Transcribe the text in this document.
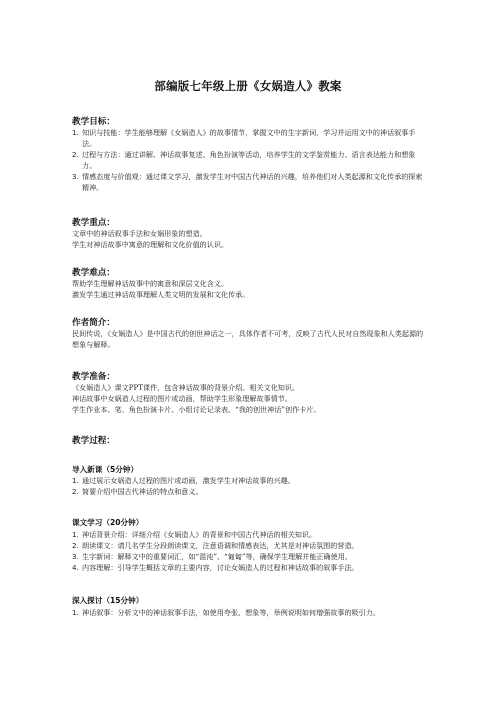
部编版七年级上册《女娲造人》教案
教学目标：
1. 知识与技能：学生能够理解《女娲造人》的故事情节，掌握文中的生字新词，学习并运用文中的神话叙事手法。
2. 过程与方法：通过讲解、神话故事复述、角色扮演等活动，培养学生的文学鉴赏能力、语言表达能力和想象力。
3. 情感态度与价值观：通过课文学习，激发学生对中国古代神话的兴趣，培养他们对人类起源和文化传承的探索精神。
教学重点：
文章中的神话叙事手法和女娲形象的塑造。
学生对神话故事中寓意的理解和文化价值的认识。
教学难点：
帮助学生理解神话故事中的寓意和深层文化含义。
激发学生通过神话故事理解人类文明的发展和文化传承。
作者简介：
民间传说，《女娲造人》是中国古代的创世神话之一，具体作者不可考，反映了古代人民对自然现象和人类起源的想象与解释。
教学准备：
《女娲造人》课文PPT课件，包含神话故事的背景介绍、相关文化知识。
神话故事中女娲造人过程的图片或动画，帮助学生形象理解故事情节。
学生作业本、笔、角色扮演卡片、小组讨论记录表、“我的创世神话”创作卡片。
教学过程：
导入新课（5分钟）
1. 通过展示女娲造人过程的图片或动画，激发学生对神话故事的兴趣。
2. 简要介绍中国古代神话的特点和意义。
课文学习（20分钟）
1. 神话背景介绍：详细介绍《女娲造人》的背景和中国古代神话的相关知识。
2. 朗读课文：请几名学生分段朗读课文，注意语调和情感表达，尤其是对神话氛围的营造。
3. 生字新词：解释文中的重要词汇，如“混沌”、“匍匐”等，确保学生理解并能正确使用。
4. 内容理解：引导学生概括文章的主要内容，讨论女娲造人的过程和神话故事的叙事手法。
深入探讨（15分钟）
1. 神话叙事：分析文中的神话叙事手法，如使用夸张、想象等，举例说明如何增强故事的吸引力。
